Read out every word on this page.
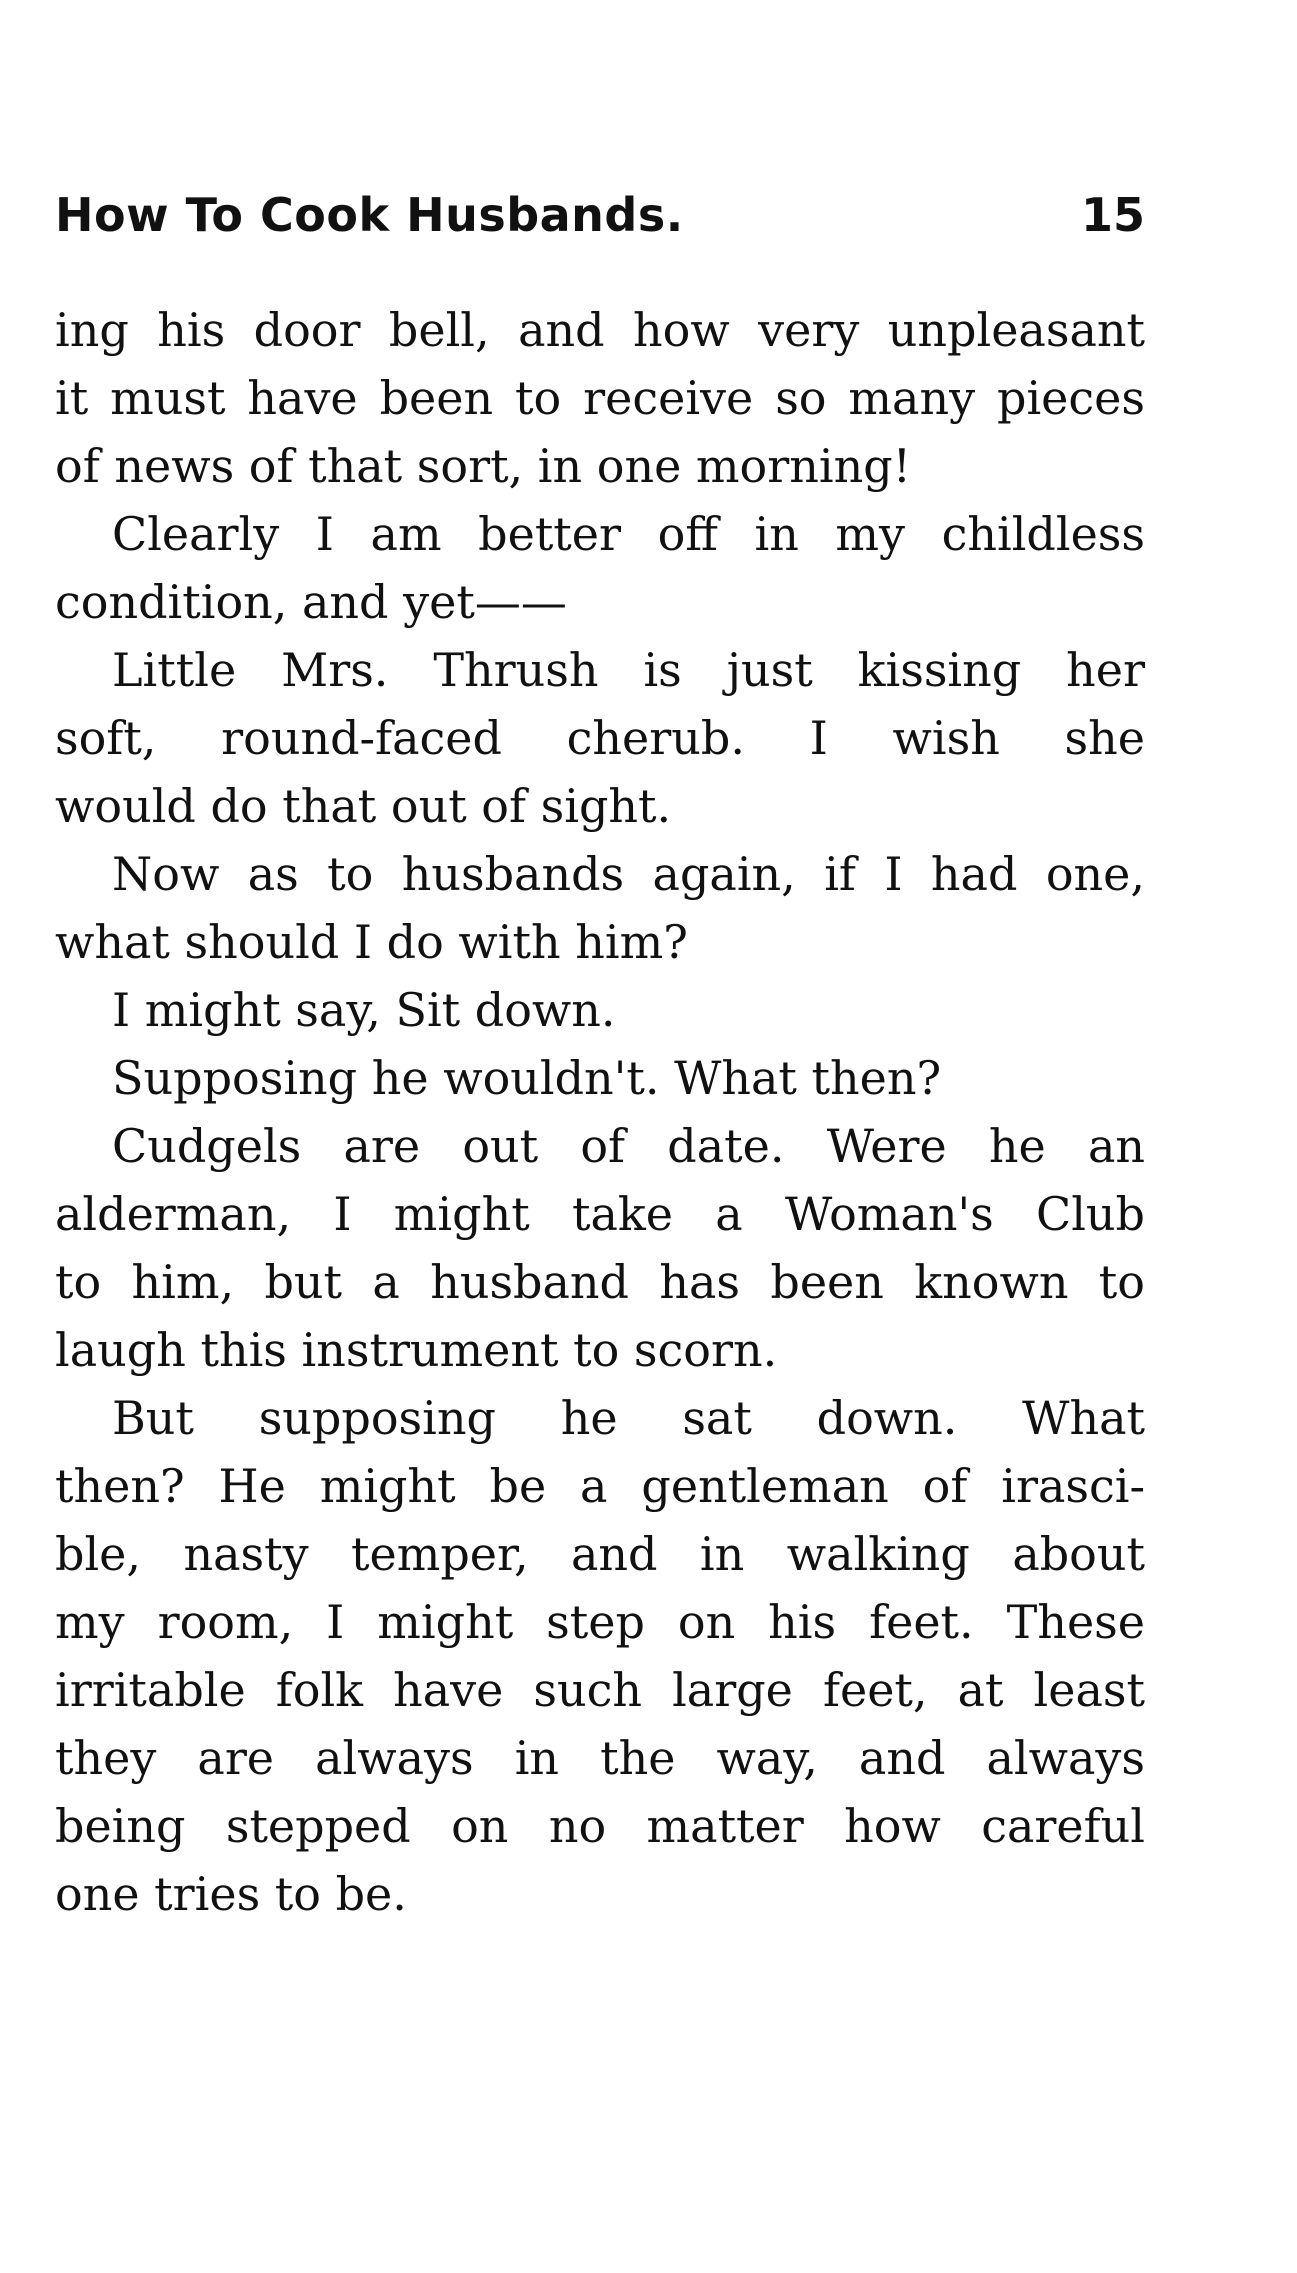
How To Cook Husbands.	15
ing his door bell, and how very unpleasant
it must have been to receive so many pieces
of news of that sort, in one morning!
Clearly I am better off in my childless
condition, and yet——
Little Mrs. Thrush is just kissing her
soft, round-faced cherub. I wish she
would do that out of sight.
Now as to husbands again, if I had one,
what should I do with him?
I might say, Sit down.
Supposing he wouldn't. What then?
Cudgels are out of date. Were he an
alderman, I might take a Woman's Club
to him, but a husband has been known to
laugh this instrument to scorn.
But supposing he sat down. What
then? He might be a gentleman of irasci-
ble, nasty temper, and in walking about
my room, I might step on his feet. These
irritable folk have such large feet, at least
they are always in the way, and always
being stepped on no matter how careful
one tries to be.
